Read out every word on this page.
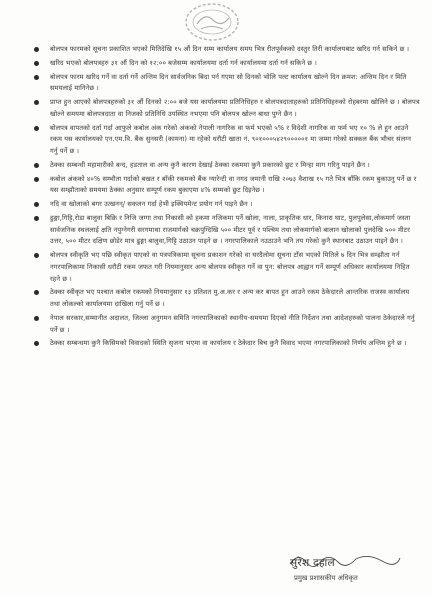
बोलपत्र फारमको सूचना प्रकाशित भएको मितिदेखि १५ औं दिन सम्म कार्यालय समय भित्र रीतपूर्वकको दस्तुर तिरी कार्यालयबाट खरिद गर्न सकिने छ ।
खरिद भएको बोलपत्रहरु ३१ औं दिन को १२:०० बजेसम्म कार्यालयमा दर्ता गर्न कार्यालयमा दर्ता गर्न सकिने छ ।
बोलपत्र फारम खरिद गर्ने वा दर्ता गर्ने अन्तिम दिन सार्वजनिक बिदा पर्न गएमा सो दिनको भोलि पल्ट कार्यालय खोल्ने दिन क्रमश: अन्तिम दिन र मिति समयलाई मानिनेछ ।
प्राप्त हुन आएको बोलपत्रहरुको ३१ औं दिनको २:०० बजे यस कार्यालयमा प्रतिनिधिहरु र बोलपत्रदाताहरुको प्रतिनिधिहरुको रोहबरमा खोलिने छ । बोलपत्र खोल्ने समयमा बोलपत्रदाता वा निजको प्रतिनिधि उपस्थित नभएमा पनि बोलपत्र खोल्न बाधा पुग्ने छैन ।
बोलपत्र वापतको दर्ता गर्दा आफुले कबोल अंक गरेको अंकको नेपाली नागरिक वा फर्म भएको ५% र विदेशी नागरिक वा फर्म भए १० % ले हुन आउने रकम यस कार्यालयको एन.एम.वि. बैंक सुनसरी (कामना) मा रहेको धरौटी खाता नं. ९०१०००५४२९०००००१ मा जम्मा गरेको सक्कल बैंक भौचर संलग्न गर्नु पर्ने छ ।
ठेक्का सम्बन्धी महामारीको बन्द, हडताल वा अन्य कुनै कारण देखाई ठेक्का रकममा कुनै प्रकारको छुट र मिन्हा माग गरिनु पाइने छैन ।
कबोल अंकको ४०% सम्भौता गर्दाको बखत र बाँकी रकमको बैंक ग्यारेन्टी वा नगद जमानी राखि २०७३ वैशाख १५ गते भित्र बाँकि रकम बुकाउनु पर्ने छ र यस सम्झौताको समयमा ठेक्का अनुसार सम्पूर्ण रकम बुकाएमा ४% सम्मको छुट दिइनेछ ।
नदि वा खोलाको बगर उत्खनन्/ सकलन गर्दा हेभी इक्विपमेन्ट प्रयोग गर्न पाइने छैन ।
ढुङ्गा,गिट्टि,रोडा बालुवा बिक्रि र निजि जग्गा तथा निकासी को हकमा नजिकमा पर्ने खोला, नाला, प्राकृतिक धार, किनारा घाट, पुलपुलेसा,लोकमार्ग जस्ता सार्वजनिक स्थललाई क्षति नपुग्नेगरी सरगमाथा राजमार्गको चक्रपुग्दिखि ५०० मीटर पूर्व र पश्चिम तथा लोकमार्गको बालान खोलाको पुलदेखि ५०० मीटर उत्तर, ५०० मीटर दक्षिण छोडेर मात्र ढुङ्गा बालुवा,गिट्टि उठाउन पाइने छ । नगरपालिकाले नउठाउने भनि तय गरेको कुनै स्थानबाट उठाउन पाइने छैन ।
बोलपत्र स्वीकृति भए पछि स्वीकृत पाएको वा पत्रपत्रिकामा सूचना प्रकाशन गरेको वा घरदैलोमा सूचना टाँस भएको मितिले ७ दिन भित्र सम्झौता गर्न नगरपालिकामा निकासी धरौटी रकम जफत गरी नियमानुसार अन्य बोलपत्र स्वीकृत गर्ने वा पुन: बोलपत्र आह्वान गर्ने सम्पूर्ण अधिकार कार्यालयमा निहित रहने छ ।
ठेक्का स्वीकृत भए पश्चात कबोल रकमको नियमानुसार १३ प्रतिशत मु.अ.कर र अन्य कर बापत हुन आउने रकम ठेकेदारले आन्तरिक राजस्व कार्यालय तथा लोकल्को कार्यालयमा दाखिला गर्नु पर्ने छ ।
नेपाल सरकार,सम्मानीत अदालत, जिल्ला अनुगमन समिति नगरपालिकाको स्थानीय-समयमा दिएको नीति निर्देशन तथा आदेशहरुको पालना ठेकेदारले गर्नु पर्ने छ ।
ठेक्का सम्बन्धमा कुनै किसिमको विवादको स्थिति सृजना भएमा वा कार्यालय र ठेकेदार बिच कुनै विवाद भएमा नगरपालिकाको निर्णय अन्तिम हुने छ ।
सुरेश दहाल
प्रमुख प्रशासकीय अधिकृत
